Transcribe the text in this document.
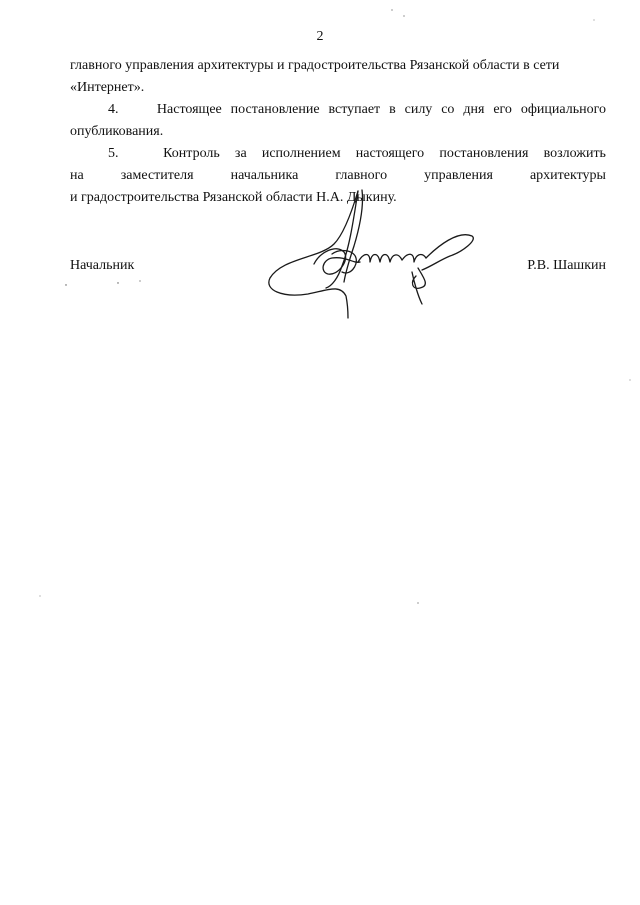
2
главного управления архитектуры и градостроительства Рязанской области в сети
«Интернет».
4.	Настоящее постановление вступает в силу со дня его официального
опубликования.
5.	Контроль за исполнением настоящего постановления возложить
на	заместителя	начальника	главного	управления	архитектуры
и градостроительства Рязанской области Н.А. Дыкину.
Начальник	Р.В. Шашкин
